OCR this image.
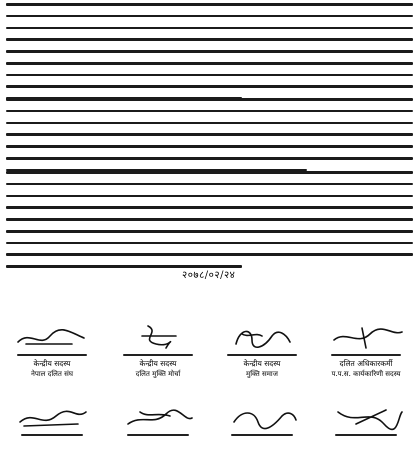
२०७८/०२/२४
केन्द्रीय सदस्य
नेपाल दलित संघ
केन्द्रीय सदस्य
दलित मुक्ति मोर्चा
केन्द्रीय सदस्य
मुक्ति समाज
दलित अधिकारकर्मी
प.प.स. कार्यकारिणी सदस्य
